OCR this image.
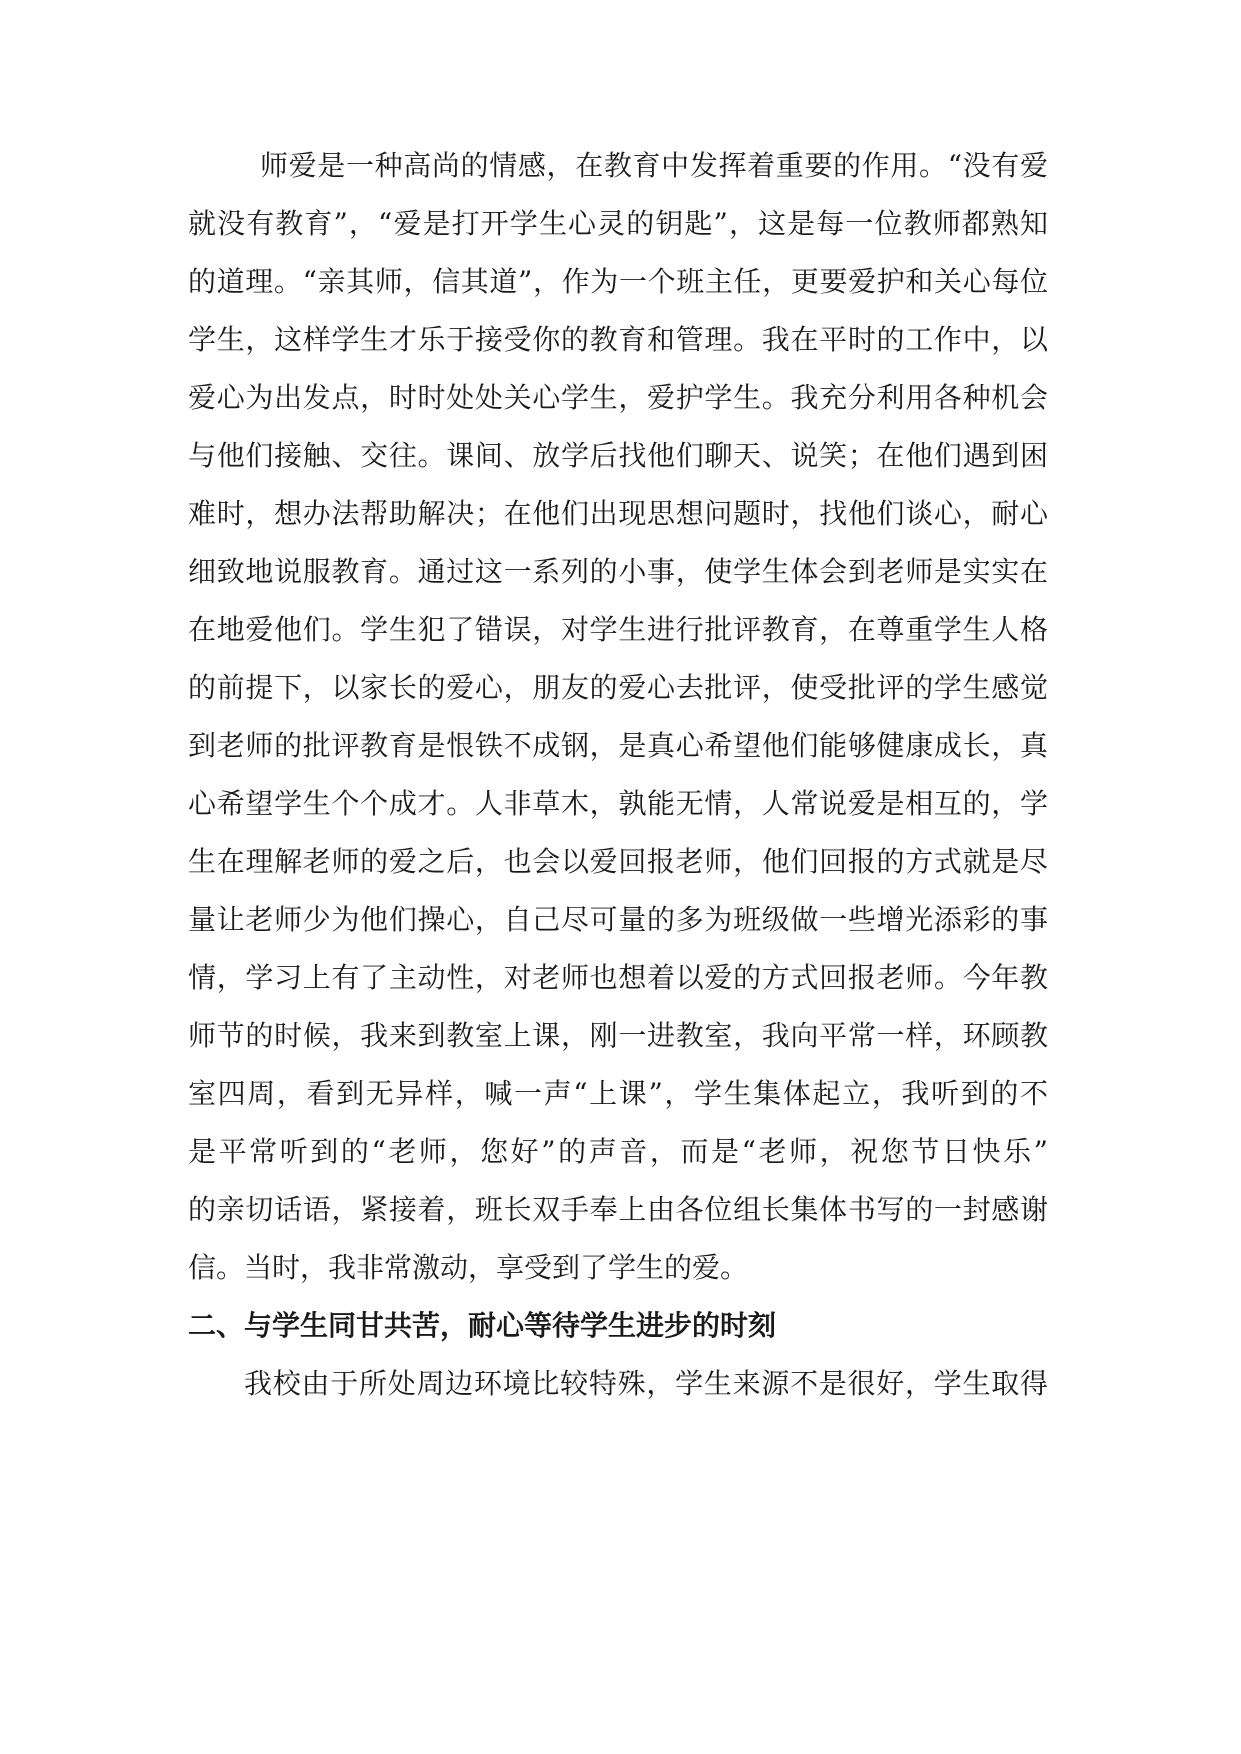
师爱是一种高尚的情感，在教育中发挥着重要的作用。“没有爱
就没有教育”，“爱是打开学生心灵的钥匙”，这是每一位教师都熟知
的道理。“亲其师，信其道”，作为一个班主任，更要爱护和关心每位
学生，这样学生才乐于接受你的教育和管理。我在平时的工作中，以
爱心为出发点，时时处处关心学生，爱护学生。我充分利用各种机会
与他们接触、交往。课间、放学后找他们聊天、说笑；在他们遇到困
难时，想办法帮助解决；在他们出现思想问题时，找他们谈心，耐心
细致地说服教育。通过这一系列的小事，使学生体会到老师是实实在
在地爱他们。学生犯了错误，对学生进行批评教育，在尊重学生人格
的前提下，以家长的爱心，朋友的爱心去批评，使受批评的学生感觉
到老师的批评教育是恨铁不成钢，是真心希望他们能够健康成长，真
心希望学生个个成才。人非草木，孰能无情，人常说爱是相互的，学
生在理解老师的爱之后，也会以爱回报老师，他们回报的方式就是尽
量让老师少为他们操心，自己尽可量的多为班级做一些增光添彩的事
情，学习上有了主动性，对老师也想着以爱的方式回报老师。今年教
师节的时候，我来到教室上课，刚一进教室，我向平常一样，环顾教
室四周，看到无异样，喊一声“上课”，学生集体起立，我听到的不
是平常听到的“老师，您好”的声音，而是“老师，祝您节日快乐”
的亲切话语，紧接着，班长双手奉上由各位组长集体书写的一封感谢
信。当时，我非常激动，享受到了学生的爱。
二、与学生同甘共苦，耐心等待学生进步的时刻
我校由于所处周边环境比较特殊，学生来源不是很好，学生取得
